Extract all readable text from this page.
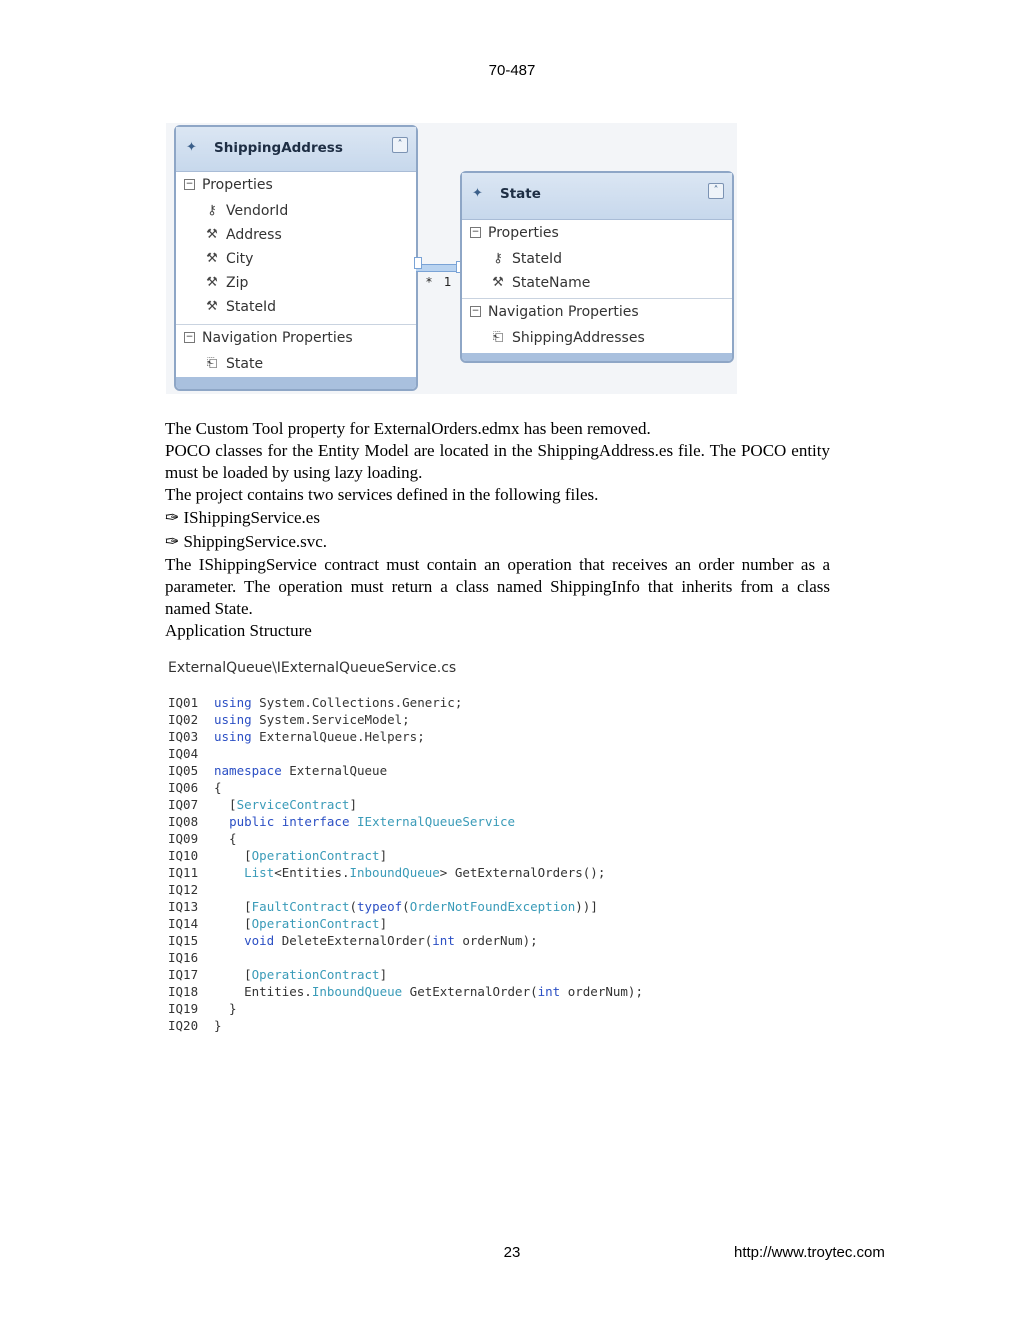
70-487
✦	ShippingAddress	˄
− Properties
⚷ VendorId
⚒ Address
⚒ City
⚒ Zip
⚒ StateId
− Navigation Properties
⎗ State
* 1
✦	State	˄
− Properties
⚷ StateId
⚒ StateName
− Navigation Properties
⎗ ShippingAddresses

The Custom Tool property for ExternalOrders.edmx has been removed.

POCO classes for the Entity Model are located in the ShippingAddress.es file. The POCO entity must be loaded by using lazy loading.

The project contains two services defined in the following files.

✑ IShippingService.es

✑ ShippingService.svc.

The IShippingService contract must contain an operation that receives an order number as a parameter. The operation must return a class named ShippingInfo that inherits from a class named State.

Application Structure

ExternalQueue\IExternalQueueService.cs
IQ01 using System.Collections.Generic;
IQ02 using System.ServiceModel;
IQ03 using ExternalQueue.Helpers;
IQ04
IQ05 namespace ExternalQueue
IQ06 {
IQ07  [ServiceContract]
IQ08 public interface IExternalQueueService
IQ09  {
IQ10    [OperationContract]
IQ11	List<Entities.InboundQueue> GetExternalOrders();
IQ12
IQ13    [FaultContract(typeof(OrderNotFoundException))]
IQ14    [OperationContract]
IQ15	void DeleteExternalOrder(int orderNum);
IQ16
IQ17    [OperationContract]
IQ18    Entities.InboundQueue GetExternalOrder(int orderNum);
IQ19  }
IQ20 }
23	http://www.troytec.com
